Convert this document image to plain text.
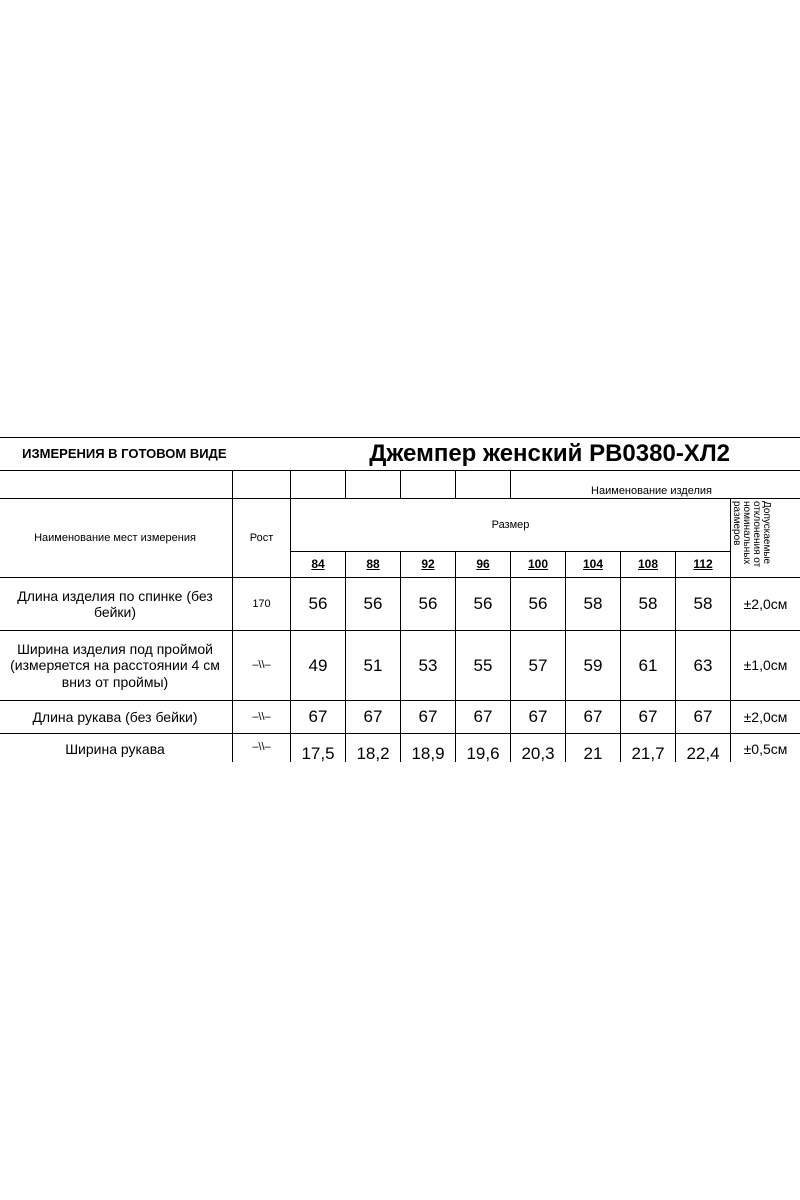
ИЗМЕРЕНИЯ В ГОТОВОМ ВИДЕ	Джемпер женский РВ0380-ХЛ2									
							Наименование изделия			
Наименование мест измерения	Рост	Размер								Допускаемые отклонения от номинальных размеров

		84	88	92	96	100	104	108	112	
Длина изделия по спинке (без бейки)	170	56	56	56	56	56	58	58	58	±2,0см
Ширина изделия под проймой (измеряется на расстоянии 4 см вниз от проймы)	–\\–	49	51	53	55	57	59	61	63	±1,0см
Длина рукава (без бейки)	–\\–	67	67	67	67	67	67	67	67	±2,0см
Ширина рукава	–\\–	17,5	18,2	18,9	19,6	20,3	21	21,7	22,4	±0,5см
